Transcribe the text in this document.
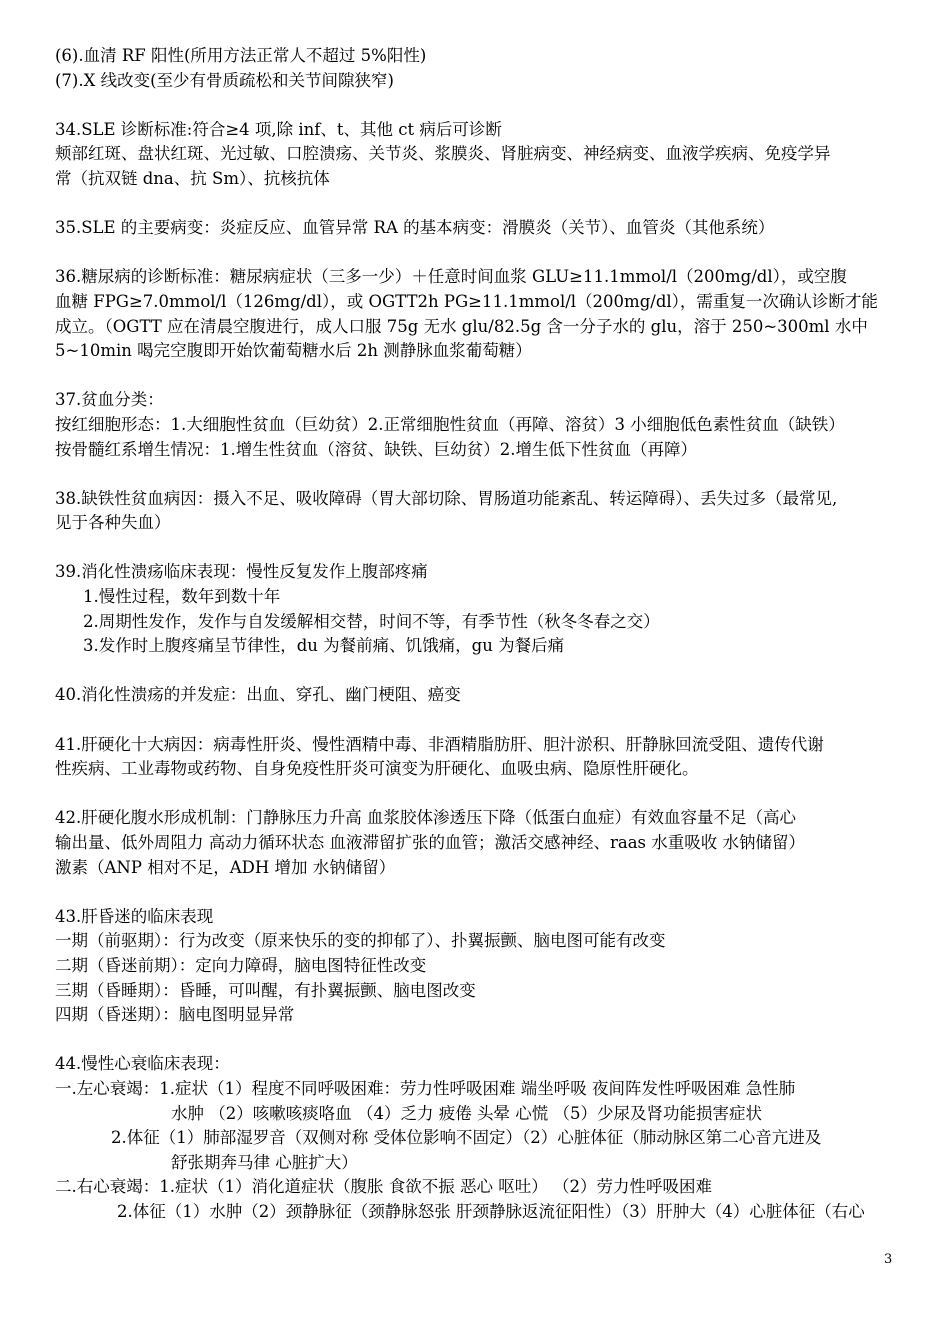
(6).血清 RF 阳性(所用方法正常人不超过 5%阳性)
(7).X 线改变(至少有骨质疏松和关节间隙狭窄)
34.SLE 诊断标准:符合≥4 项,除 inf、t、其他 ct 病后可诊断
颊部红斑、盘状红斑、光过敏、口腔溃疡、关节炎、浆膜炎、肾脏病变、神经病变、血液学疾病、免疫学异
常（抗双链 dna、抗 Sm）、抗核抗体
35.SLE 的主要病变：炎症反应、血管异常 RA 的基本病变：滑膜炎（关节）、血管炎（其他系统）
36.糖尿病的诊断标准：糖尿病症状（三多一少）＋任意时间血浆 GLU≥11.1mmol/l（200mg/dl），或空腹
血糖 FPG≥7.0mmol/l（126mg/dl），或 OGTT2h PG≥11.1mmol/l（200mg/dl），需重复一次确认诊断才能
成立。（OGTT 应在清晨空腹进行，成人口服 75g 无水 glu/82.5g 含一分子水的 glu，溶于 250~300ml 水中
5~10min 喝完空腹即开始饮葡萄糖水后 2h 测静脉血浆葡萄糖）
37.贫血分类：
按红细胞形态：1.大细胞性贫血（巨幼贫）2.正常细胞性贫血（再障、溶贫）3 小细胞低色素性贫血（缺铁）
按骨髓红系增生情况：1.增生性贫血（溶贫、缺铁、巨幼贫）2.增生低下性贫血（再障）
38.缺铁性贫血病因：摄入不足、吸收障碍（胃大部切除、胃肠道功能紊乱、转运障碍）、丢失过多（最常见,
见于各种失血）
39.消化性溃疡临床表现：慢性反复发作上腹部疼痛
1.慢性过程，数年到数十年
2.周期性发作，发作与自发缓解相交替，时间不等，有季节性（秋冬冬春之交）
3.发作时上腹疼痛呈节律性，du 为餐前痛、饥饿痛，gu 为餐后痛
40.消化性溃疡的并发症：出血、穿孔、幽门梗阻、癌变
41.肝硬化十大病因：病毒性肝炎、慢性酒精中毒、非酒精脂肪肝、胆汁淤积、肝静脉回流受阻、遗传代谢
性疾病、工业毒物或药物、自身免疫性肝炎可演变为肝硬化、血吸虫病、隐原性肝硬化。
42.肝硬化腹水形成机制：门静脉压力升高 血浆胶体渗透压下降（低蛋白血症）有效血容量不足（高心
输出量、低外周阻力 高动力循环状态 血液滞留扩张的血管；激活交感神经、raas 水重吸收 水钠储留）
激素（ANP 相对不足，ADH 增加 水钠储留）
43.肝昏迷的临床表现
一期（前驱期）：行为改变（原来快乐的变的抑郁了）、扑翼振颤、脑电图可能有改变
二期（昏迷前期）：定向力障碍，脑电图特征性改变
三期（昏睡期）：昏睡，可叫醒，有扑翼振颤、脑电图改变
四期（昏迷期）：脑电图明显异常
44.慢性心衰临床表现：
一.左心衰竭：1.症状（1）程度不同呼吸困难：劳力性呼吸困难 端坐呼吸 夜间阵发性呼吸困难 急性肺
水肿 （2）咳嗽咳痰咯血 （4）乏力 疲倦 头晕 心慌 （5）少尿及肾功能损害症状
2.体征（1）肺部湿罗音（双侧对称 受体位影响不固定）（2）心脏体征（肺动脉区第二心音亢进及
舒张期奔马律 心脏扩大）
二.右心衰竭：1.症状（1）消化道症状（腹胀 食欲不振 恶心 呕吐） （2）劳力性呼吸困难
2.体征（1）水肿（2）颈静脉征（颈静脉怒张 肝颈静脉返流征阳性）（3）肝肿大（4）心脏体征（右心
3
